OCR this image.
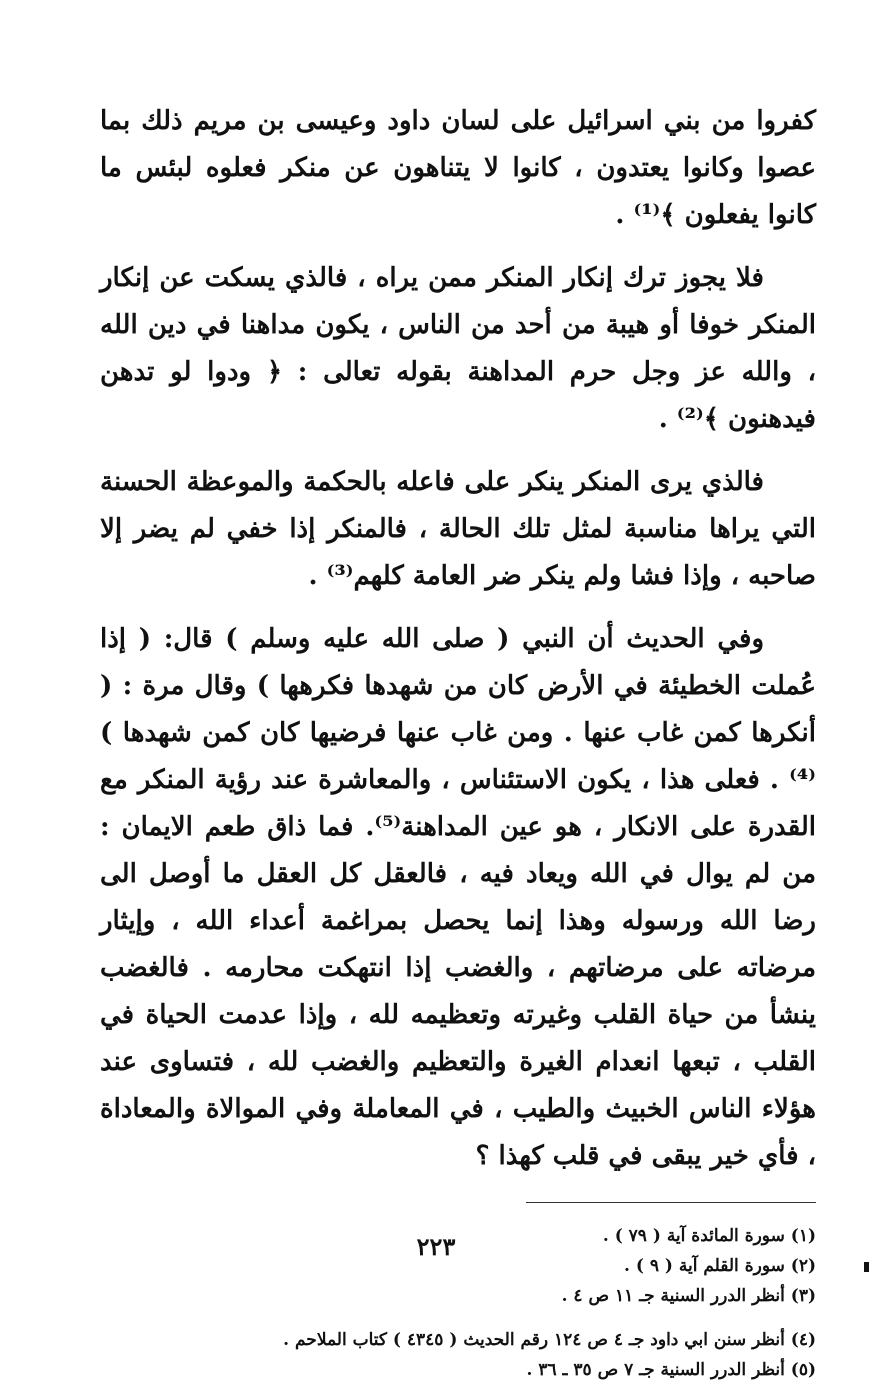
كفروا من بني اسرائيل على لسان داود وعيسى بن مريم ذلك بما عصوا وكانوا يعتدون ، كانوا لا يتناهون عن منكر فعلوه لبئس ما كانوا يفعلون ﴾⁽¹⁾ .

فلا يجوز ترك إنكار المنكر ممن يراه ، فالذي يسكت عن إنكار المنكر خوفا أو هيبة من أحد من الناس ، يكون مداهنا في دين الله ، والله عز وجل حرم المداهنة بقوله تعالى : ﴿ ودوا لو تدهن فيدهنون ﴾⁽²⁾ .

فالذي يرى المنكر ينكر على فاعله بالحكمة والموعظة الحسنة التي يراها مناسبة لمثل تلك الحالة ، فالمنكر إذا خفي لم يضر إلا صاحبه ، وإذا فشا ولم ينكر ضر العامة كلهم⁽³⁾ .

وفي الحديث أن النبي ( صلى الله عليه وسلم ) قال: ( إذا عُملت الخطيئة في الأرض كان من شهدها فكرهها ) وقال مرة : ( أنكرها كمن غاب عنها . ومن غاب عنها فرضيها كان كمن شهدها )⁽⁴⁾ . فعلى هذا ، يكون الاستئناس ، والمعاشرة عند رؤية المنكر مع القدرة على الانكار ، هو عين المداهنة⁽⁵⁾. فما ذاق طعم الايمان : من لم يوال في الله ويعاد فيه ، فالعقل كل العقل ما أوصل الى رضا الله ورسوله وهذا إنما يحصل بمراغمة أعداء الله ، وإيثار مرضاته على مرضاتهم ، والغضب إذا انتهكت محارمه . فالغضب ينشأ من حياة القلب وغيرته وتعظيمه لله ، وإذا عدمت الحياة في القلب ، تبعها انعدام الغيرة والتعظيم والغضب لله ، فتساوى عند هؤلاء الناس الخبيث والطيب ، في المعاملة وفي الموالاة والمعاداة ، فأي خير يبقى في قلب كهذا ؟

(١) سورة المائدة آية ( ٧٩ ) .
(٢) سورة القلم آية ( ٩ ) .
(٣) أنظر الدرر السنية جـ ١١ ص ٤ .
(٤) أنظر سنن ابي داود جـ ٤ ص ١٢٤ رقم الحديث ( ٤٣٤٥ ) كتاب الملاحم .
(٥) أنظر الدرر السنية جـ ٧ ص ٣٥ ـ ٣٦ .
٢٢٣
